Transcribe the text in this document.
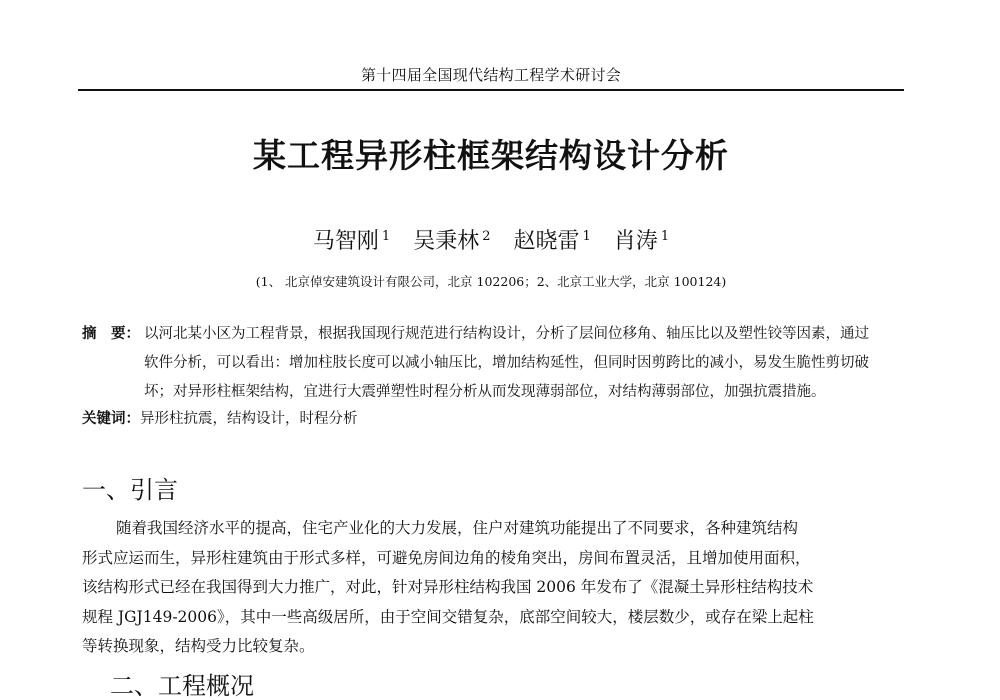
第十四届全国现代结构工程学术研讨会
某工程异形柱框架结构设计分析
马智刚 $^1$ 吴秉林 $^2$ 赵晓雷 $^1$ 肖涛 $^1$
(1、 北京倬安建筑设计有限公司，北京 102206；2、北京工业大学，北京 100124)
摘　要： 以河北某小区为工程背景，根据我国现行规范进行结构设计，分析了层间位移角、轴压比以及塑性铰等因素，通过
软件分析，可以看出：增加柱肢长度可以减小轴压比，增加结构延性，但同时因剪跨比的减小，易发生脆性剪切破
坏；对异形柱框架结构，宜进行大震弹塑性时程分析从而发现薄弱部位，对结构薄弱部位，加强抗震措施。
关键词：异形柱抗震，结构设计，时程分析
一、引言
随着我国经济水平的提高，住宅产业化的大力发展，住户对建筑功能提出了不同要求，各种建筑结构
形式应运而生，异形柱建筑由于形式多样，可避免房间边角的棱角突出，房间布置灵活，且增加使用面积，
该结构形式已经在我国得到大力推广，对此，针对异形柱结构我国 2006 年发布了《混凝土异形柱结构技术
规程 JGJ149-2006》，其中一些高级居所，由于空间交错复杂，底部空间较大，楼层数少，或存在梁上起柱
等转换现象，结构受力比较复杂。
二、工程概况
